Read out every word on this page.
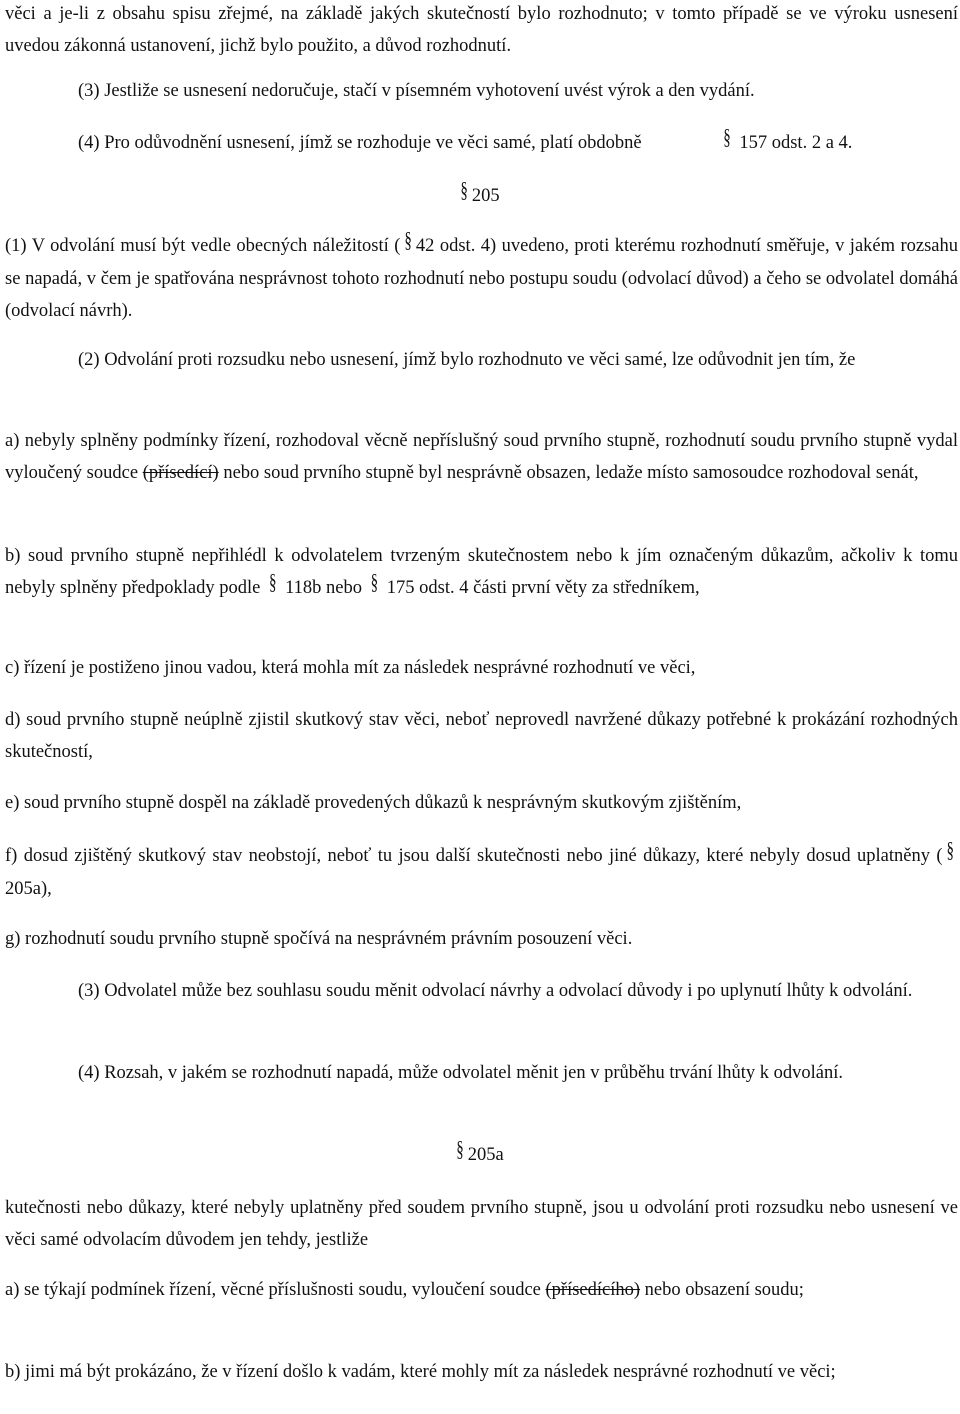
věci a je-li z obsahu spisu zřejmé, na základě jakých skutečností bylo rozhodnuto; v tomto případě se ve výroku usnesení uvedou zákonná ustanovení, jichž bylo použito, a důvod rozhodnutí.

(3) Jestliže se usnesení nedoručuje, stačí v písemném vyhotovení uvést výrok a den vydání.

(4) Pro odůvodnění usnesení, jímž se rozhoduje ve věci samé, platí obdobně	§ 157 odst. 2 a 4.

§ 205

(1) V odvolání musí být vedle obecných náležitostí ( § 42 odst. 4) uvedeno, proti kterému rozhodnutí směřuje, v jakém rozsahu se napadá, v čem je spatřována nesprávnost tohoto rozhodnutí nebo postupu soudu (odvolací důvod) a čeho se odvolatel domáhá (odvolací návrh).

(2) Odvolání proti rozsudku nebo usnesení, jímž bylo rozhodnuto ve věci samé, lze odůvodnit jen tím, že

a) nebyly splněny podmínky řízení, rozhodoval věcně nepříslušný soud prvního stupně, rozhodnutí soudu prvního stupně vydal vyloučený soudce (přísedící) nebo soud prvního stupně byl nesprávně obsazen, ledaže místo samosoudce rozhodoval senát,

b) soud prvního stupně nepřihlédl k odvolatelem tvrzeným skutečnostem nebo k jím označeným důkazům, ačkoliv k tomu nebyly splněny předpoklady podle § 118b nebo § 175 odst. 4 části první věty za středníkem,

c) řízení je postiženo jinou vadou, která mohla mít za následek nesprávné rozhodnutí ve věci,

d) soud prvního stupně neúplně zjistil skutkový stav věci, neboť neprovedl navržené důkazy potřebné k prokázání rozhodných skutečností,

e) soud prvního stupně dospěl na základě provedených důkazů k nesprávným skutkovým zjištěním,

f) dosud zjištěný skutkový stav neobstojí, neboť tu jsou další skutečnosti nebo jiné důkazy, které nebyly dosud uplatněny ( §205a),

g) rozhodnutí soudu prvního stupně spočívá na nesprávném právním posouzení věci.

(3) Odvolatel může bez souhlasu soudu měnit odvolací návrhy a odvolací důvody i po uplynutí lhůty k odvolání.

(4) Rozsah, v jakém se rozhodnutí napadá, může odvolatel měnit jen v průběhu trvání lhůty k odvolání.

§ 205a

kutečnosti nebo důkazy, které nebyly uplatněny před soudem prvního stupně, jsou u odvolání proti rozsudku nebo usnesení ve věci samé odvolacím důvodem jen tehdy, jestliže

a) se týkají podmínek řízení, věcné příslušnosti soudu, vyloučení soudce (přísedícího) nebo obsazení soudu;

b) jimi má být prokázáno, že v řízení došlo k vadám, které mohly mít za následek nesprávné rozhodnutí ve věci;
